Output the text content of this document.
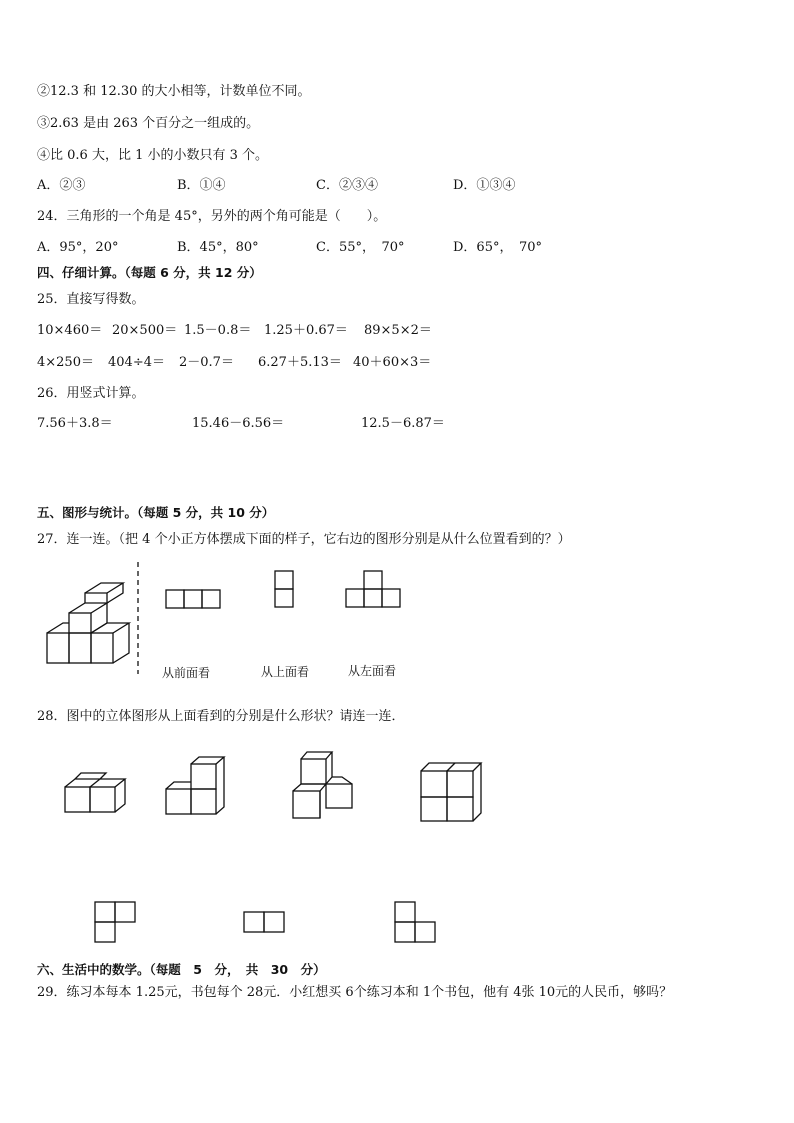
②12.3 和 12.30 的大小相等，计数单位不同。
③2.63 是由 263 个百分之一组成的。
④比 0.6 大，比 1 小的小数只有 3 个。
A．②③	B．①④	C．②③④	D．①③④
24．三角形的一个角是 45°，另外的两个角可能是（　　）。
A．95°，20°	B．45°，80°	C．55°，　70°	D．65°，　70°
四、仔细计算。（每题 6 分，共 12 分）
25．直接写得数。
10×460＝ 20×500＝ 1.5－0.8＝ 1.25＋0.67＝ 89×5×2＝
4×250＝ 404÷4＝ 2－0.7＝ 6.27＋5.13＝ 40＋60×3＝
26．用竖式计算。
7.56＋3.8＝	15.46－6.56＝	12.5－6.87＝
五、图形与统计。（每题 5 分，共 10 分）
27．连一连。（把 4 个小正方体摆成下面的样子，它右边的图形分别是从什么位置看到的？）
从前面看	从上面看	从左面看
28．图中的立体图形从上面看到的分别是什么形状？请连一连．
六、生活中的数学。（每题　5　分，　共　30　分）
29．练习本每本 1.25元，书包每个 28元．小红想买 6个练习本和 1个书包，他有 4张 10元的人民币，够吗？
